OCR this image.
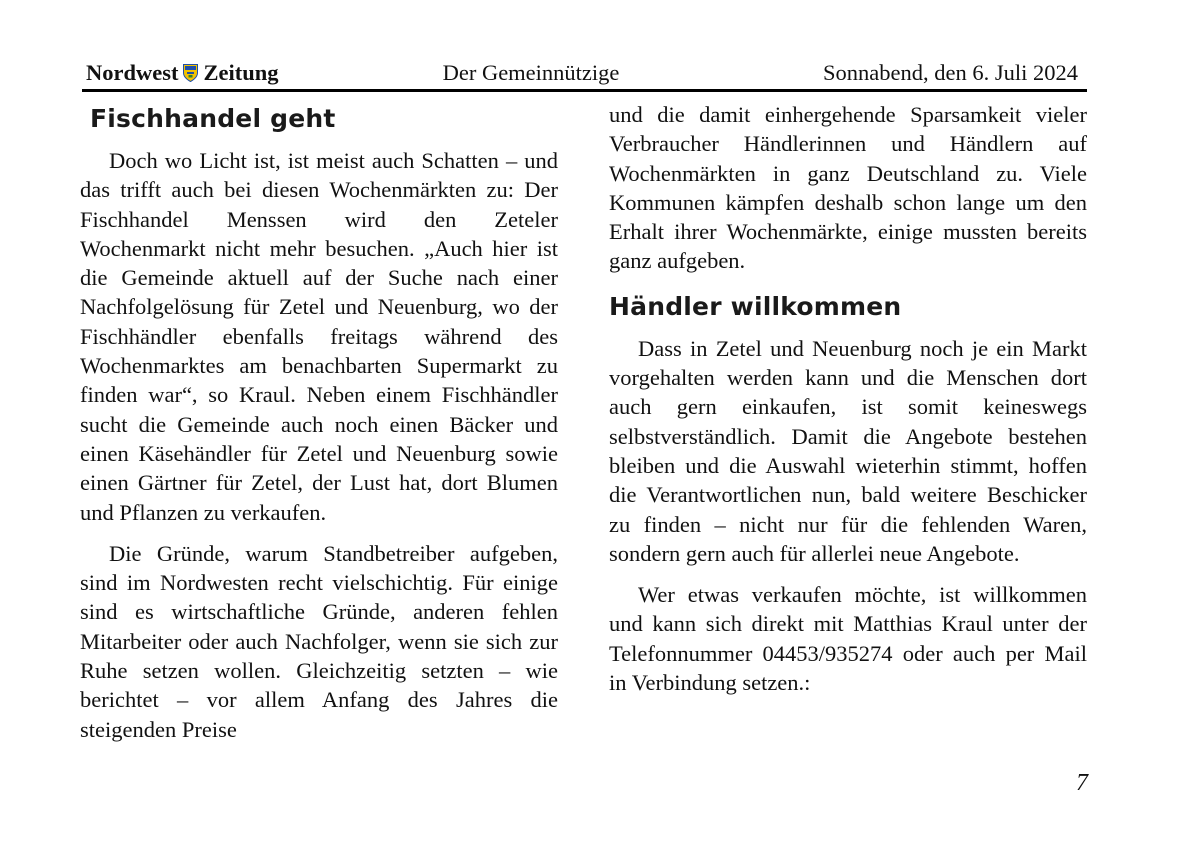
Nordwest Zeitung	Der Gemeinnützige	Sonnabend, den 6. Juli 2024
Fischhandel geht

Doch wo Licht ist, ist meist auch Schatten – und das trifft auch bei diesen Wochenmärkten zu: Der Fischhandel Menssen wird den Zeteler Wochenmarkt nicht mehr besuchen. „Auch hier ist die Gemeinde aktuell auf der Suche nach einer Nachfolgelösung für Zetel und Neuenburg, wo der Fischhändler ebenfalls freitags während des Wochenmarktes am benachbarten Supermarkt zu finden war“, so Kraul. Neben einem Fischhändler sucht die Gemeinde auch noch einen Bäcker und einen Käsehändler für Zetel und Neuenburg sowie einen Gärtner für Zetel, der Lust hat, dort Blumen und Pflanzen zu verkaufen.

Die Gründe, warum Standbetreiber aufgeben, sind im Nordwesten recht vielschichtig. Für einige sind es wirtschaftliche Gründe, anderen fehlen Mitarbeiter oder auch Nachfolger, wenn sie sich zur Ruhe setzen wollen. Gleichzeitig setzten – wie berichtet – vor allem Anfang des Jahres die steigenden Preise

und die damit einhergehende Sparsamkeit vieler Verbraucher Händlerinnen und Händlern auf Wochenmärkten in ganz Deutschland zu. Viele Kommunen kämpfen deshalb schon lange um den Erhalt ihrer Wochenmärkte, einige mussten bereits ganz aufgeben.

Händler willkommen

Dass in Zetel und Neuenburg noch je ein Markt vorgehalten werden kann und die Menschen dort auch gern einkaufen, ist somit keineswegs selbstverständlich. Damit die Angebote bestehen bleiben und die Auswahl wieterhin stimmt, hoffen die Verantwortlichen nun, bald weitere Beschicker zu finden – nicht nur für die fehlenden Waren, sondern gern auch für allerlei neue Angebote.

Wer etwas verkaufen möchte, ist willkommen und kann sich direkt mit Matthias Kraul unter der Telefonnummer 04453/935274 oder auch per Mail in Verbindung setzen.:

7
